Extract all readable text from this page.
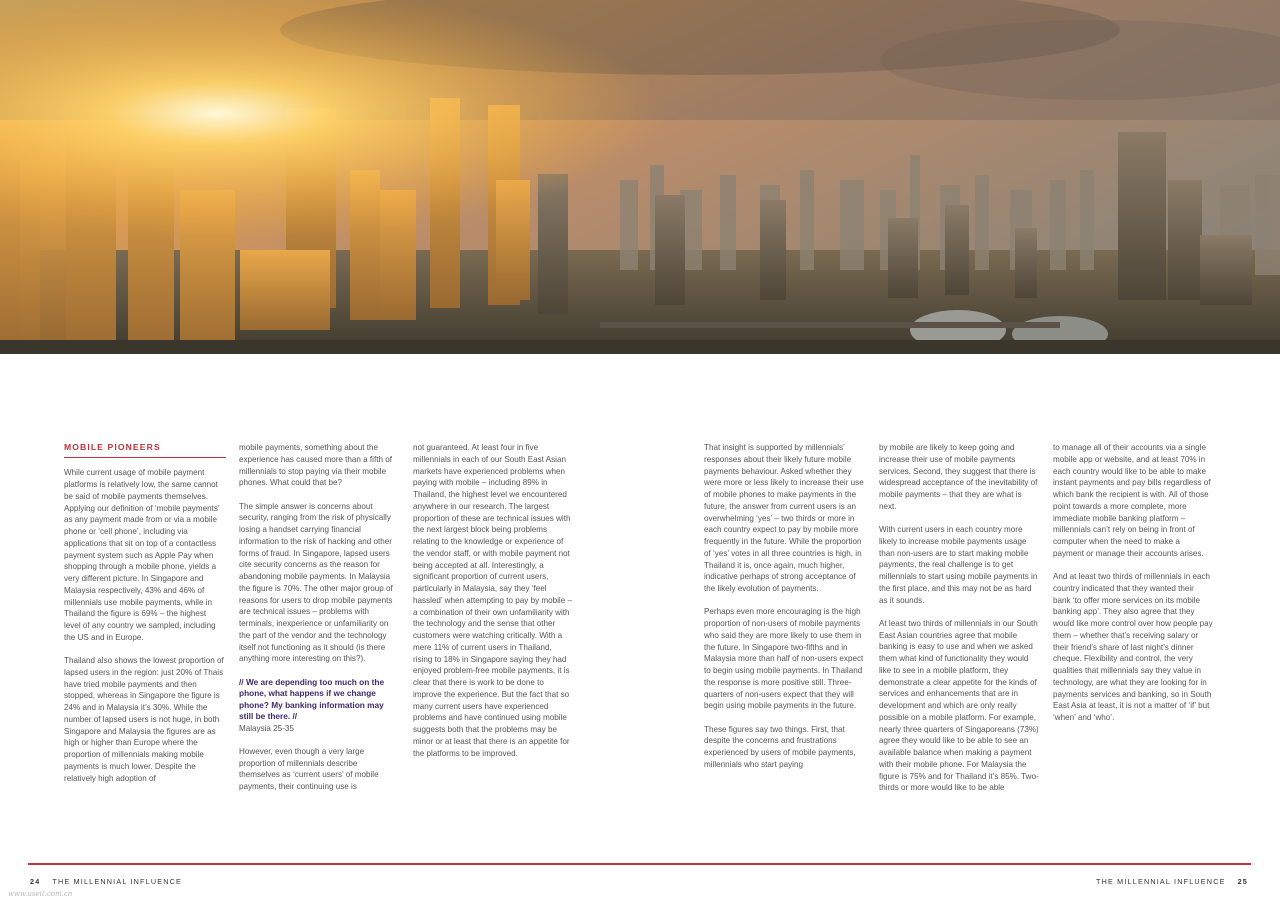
MOBILE PIONEERS

While current usage of mobile payment platforms is relatively low, the same cannot be said of mobile payments themselves. Applying our definition of ‘mobile payments’ as any payment made from or via a mobile phone or ‘cell phone’, including via applications that sit on top of a contactless payment system such as Apple Pay when shopping through a mobile phone, yields a very different picture. In Singapore and Malaysia respectively, 43% and 46% of millennials use mobile payments, while in Thailand the figure is 69% – the highest level of any country we sampled, including the US and in Europe.

Thailand also shows the lowest proportion of lapsed users in the region: just 20% of Thais have tried mobile payments and then stopped, whereas in Singapore the figure is 24% and in Malaysia it’s 30%. While the number of lapsed users is not huge, in both Singapore and Malaysia the figures are as high or higher than Europe where the proportion of millennials making mobile payments is much lower. Despite the relatively high adoption of

mobile payments, something about the experience has caused more than a fifth of millennials to stop paying via their mobile phones. What could that be?

The simple answer is concerns about security, ranging from the risk of physically losing a handset carrying financial information to the risk of hacking and other forms of fraud. In Singapore, lapsed users cite security concerns as the reason for abandoning mobile payments. In Malaysia the figure is 70%. The other major group of reasons for users to drop mobile payments are technical issues – problems with terminals, inexperience or unfamiliarity on the part of the vendor and the technology itself not functioning as it should (is there anything more interesting on this?).

// We are depending too much on the phone, what happens if we change phone? My banking information may still be there. //

Malaysia 25-35

However, even though a very large proportion of millennials describe themselves as ‘current users’ of mobile payments, their continuing use is

not guaranteed. At least four in five millennials in each of our South East Asian markets have experienced problems when paying with mobile – including 89% in Thailand, the highest level we encountered anywhere in our research. The largest proportion of these are technical issues with the next largest block being problems relating to the knowledge or experience of the vendor staff, or with mobile payment not being accepted at all. Interestingly, a significant proportion of current users, particularly in Malaysia, say they ‘feel hassled’ when attempting to pay by mobile – a combination of their own unfamiliarity with the technology and the sense that other customers were watching critically. With a mere 11% of current users in Thailand, rising to 18% in Singapore saying they had enjoyed problem-free mobile payments, it is clear that there is work to be done to improve the experience. But the fact that so many current users have experienced problems and have continued using mobile suggests both that the problems may be minor or at least that there is an appetite for the platforms to be improved.

That insight is supported by millennials’ responses about their likely future mobile payments behaviour. Asked whether they were more or less likely to increase their use of mobile phones to make payments in the future, the answer from current users is an overwhelming ‘yes’ – two thirds or more in each country expect to pay by mobile more frequently in the future. While the proportion of ‘yes’ votes in all three countries is high, in Thailand it is, once again, much higher, indicative perhaps of strong acceptance of the likely evolution of payments.

Perhaps even more encouraging is the high proportion of non-users of mobile payments who said they are more likely to use them in the future. In Singapore two-fifths and in Malaysia more than half of non-users expect to begin using mobile payments. In Thailand the response is more positive still. Three-quarters of non-users expect that they will begin using mobile payments in the future.

These figures say two things. First, that despite the concerns and frustrations experienced by users of mobile payments, millennials who start paying

by mobile are likely to keep going and increase their use of mobile payments services. Second, they suggest that there is widespread acceptance of the inevitability of mobile payments – that they are what is next.

With current users in each country more likely to increase mobile payments usage than non-users are to start making mobile payments, the real challenge is to get millennials to start using mobile payments in the first place, and this may not be as hard as it sounds.

At least two thirds of millennials in our South East Asian countries agree that mobile banking is easy to use and when we asked them what kind of functionality they would like to see in a mobile platform, they demonstrate a clear appetite for the kinds of services and enhancements that are in development and which are only really possible on a mobile platform. For example, nearly three quarters of Singaporeans (73%) agree they would like to be able to see an available balance when making a payment with their mobile phone. For Malaysia the figure is 75% and for Thailand it’s 85%. Two-thirds or more would like to be able

to manage all of their accounts via a single mobile app or website, and at least 70% in each country would like to be able to make instant payments and pay bills regardless of which bank the recipient is with. All of those point towards a more complete, more immediate mobile banking platform – millennials can’t rely on being in front of computer when the need to make a payment or manage their accounts arises.

And at least two thirds of millennials in each country indicated that they wanted their bank ‘to offer more services on its mobile banking app’. They also agree that they would like more control over how people pay them – whether that’s receiving salary or their friend’s share of last night’s dinner cheque. Flexibility and control, the very qualities that millennials say they value in technology, are what they are looking for in payments services and banking, so in South East Asia at least, it is not a matter of ‘if’ but ‘when’ and ‘who’.

24 THE MILLENNIAL INFLUENCE	THE MILLENNIAL INFLUENCE 25
www.useit.com.cn
